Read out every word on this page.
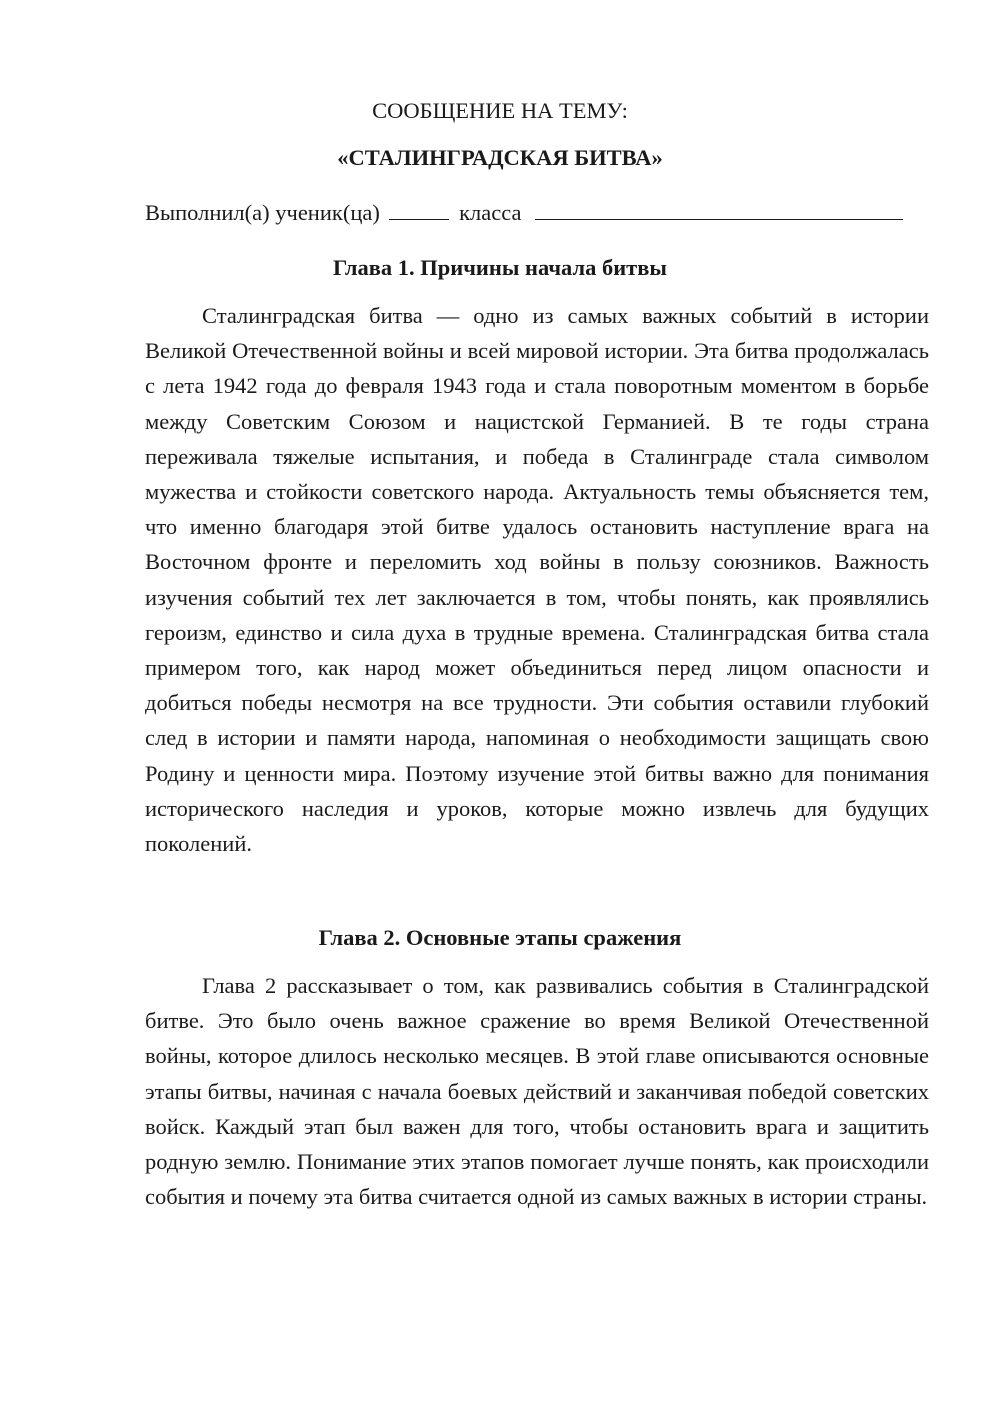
СООБЩЕНИЕ НА ТЕМУ:
«СТАЛИНГРАДСКАЯ БИТВА»
Выполнил(а) ученик(ца)	класса
Глава 1. Причины начала битвы

Сталинградская битва — одно из самых важных событий в истории Великой Отечественной войны и всей мировой истории. Эта битва продолжалась с лета 1942 года до февраля 1943 года и стала поворотным моментом в борьбе между Советским Союзом и нацистской Германией. В те годы страна переживала тяжелые испытания, и победа в Сталинграде стала символом мужества и стойкости советского народа. Актуальность темы объясняется тем, что именно благодаря этой битве удалось остановить наступление врага на Восточном фронте и переломить ход войны в пользу союзников. Важность изучения событий тех лет заключается в том, чтобы понять, как проявлялись героизм, единство и сила духа в трудные времена. Сталинградская битва стала примером того, как народ может объединиться перед лицом опасности и добиться победы несмотря на все трудности. Эти события оставили глубокий след в истории и памяти народа, напоминая о необходимости защищать свою Родину и ценности мира. Поэтому изучение этой битвы важно для понимания исторического наследия и уроков, которые можно извлечь для будущих поколений.

Глава 2. Основные этапы сражения

Глава 2 рассказывает о том, как развивались события в Сталинградской битве. Это было очень важное сражение во время Великой Отечественной войны, которое длилось несколько месяцев. В этой главе описываются основные этапы битвы, начиная с начала боевых действий и заканчивая победой советских войск. Каждый этап был важен для того, чтобы остановить врага и защитить родную землю. Понимание этих этапов помогает лучше понять, как происходили события и почему эта битва считается одной из самых важных в истории страны.
